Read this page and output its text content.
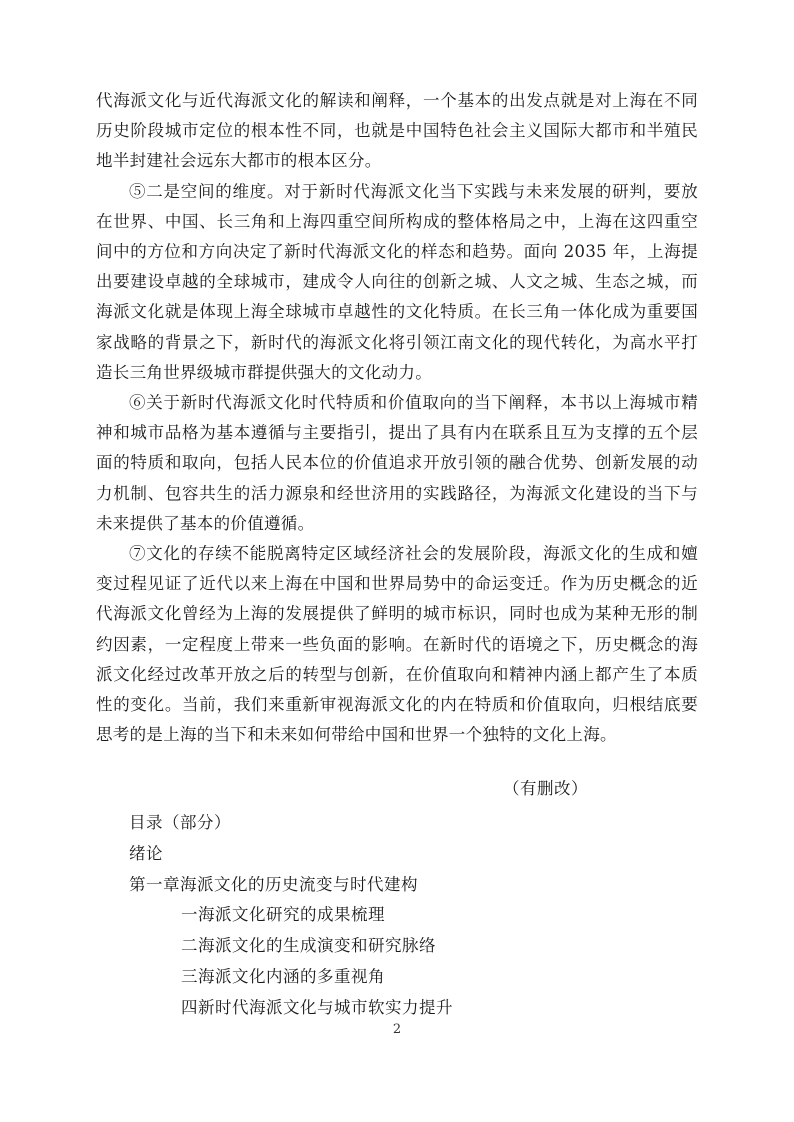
代海派文化与近代海派文化的解读和阐释，一个基本的出发点就是对上海在不同历史阶段城市定位的根本性不同，也就是中国特色社会主义国际大都市和半殖民地半封建社会远东大都市的根本区分。

⑤二是空间的维度。对于新时代海派文化当下实践与未来发展的研判，要放在世界、中国、长三角和上海四重空间所构成的整体格局之中，上海在这四重空间中的方位和方向决定了新时代海派文化的样态和趋势。面向 2035 年，上海提出要建设卓越的全球城市，建成令人向往的创新之城、人文之城、生态之城，而海派文化就是体现上海全球城市卓越性的文化特质。在长三角一体化成为重要国家战略的背景之下，新时代的海派文化将引领江南文化的现代转化，为高水平打造长三角世界级城市群提供强大的文化动力。

⑥关于新时代海派文化时代特质和价值取向的当下阐释，本书以上海城市精神和城市品格为基本遵循与主要指引，提出了具有内在联系且互为支撑的五个层面的特质和取向，包括人民本位的价值追求开放引领的融合优势、创新发展的动力机制、包容共生的活力源泉和经世济用的实践路径，为海派文化建设的当下与未来提供了基本的价值遵循。

⑦文化的存续不能脱离特定区域经济社会的发展阶段，海派文化的生成和嬗变过程见证了近代以来上海在中国和世界局势中的命运变迁。作为历史概念的近代海派文化曾经为上海的发展提供了鲜明的城市标识，同时也成为某种无形的制约因素，一定程度上带来一些负面的影响。在新时代的语境之下，历史概念的海派文化经过改革开放之后的转型与创新，在价值取向和精神内涵上都产生了本质性的变化。当前，我们来重新审视海派文化的内在特质和价值取向，归根结底要思考的是上海的当下和未来如何带给中国和世界一个独特的文化上海。

（有删改）
目录（部分）
绪论
第一章海派文化的历史流变与时代建构
一海派文化研究的成果梳理
二海派文化的生成演变和研究脉络
三海派文化内涵的多重视角
四新时代海派文化与城市软实力提升
2
